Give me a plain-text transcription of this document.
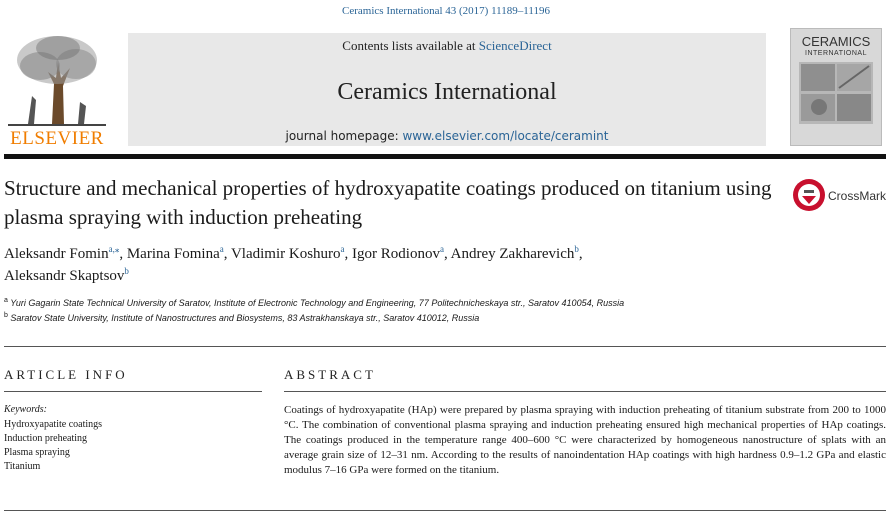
Ceramics International 43 (2017) 11189–11196
ELSEVIER
Contents lists available at ScienceDirect
Ceramics International
journal homepage: www.elsevier.com/locate/ceramint
CERAMICS
INTERNATIONAL
Structure and mechanical properties of hydroxyapatite coatings produced on titanium using plasma spraying with induction preheating
CrossMark
Aleksandr Fomin$^{a,⁎}$, Marina Fomina$^a$, Vladimir Koshuro$^a$, Igor Rodionov$^a$, Andrey Zakharevich$^b$,
Aleksandr Skaptsov$^b$
$^a$ Yuri Gagarin State Technical University of Saratov, Institute of Electronic Technology and Engineering, 77 Politechnicheskaya str., Saratov 410054, Russia
$^b$ Saratov State University, Institute of Nanostructures and Biosystems, 83 Astrakhanskaya str., Saratov 410012, Russia
ARTICLE INFO	ABSTRACT
Keywords:
Hydroxyapatite coatings
Induction preheating
Plasma spraying
Titanium
Coatings of hydroxyapatite (HAp) were prepared by plasma spraying with induction preheating of titanium substrate from 200 to 1000 °C. The combination of conventional plasma spraying and induction preheating ensured high mechanical properties of HAp coatings. The coatings produced in the temperature range 400–600 °C were characterized by homogeneous nanostructure of splats with an average grain size of 12–31 nm. According to the results of nanoindentation HAp coatings with high hardness 0.9–1.2 GPa and elastic modulus 7–16 GPa were formed on the titanium.
